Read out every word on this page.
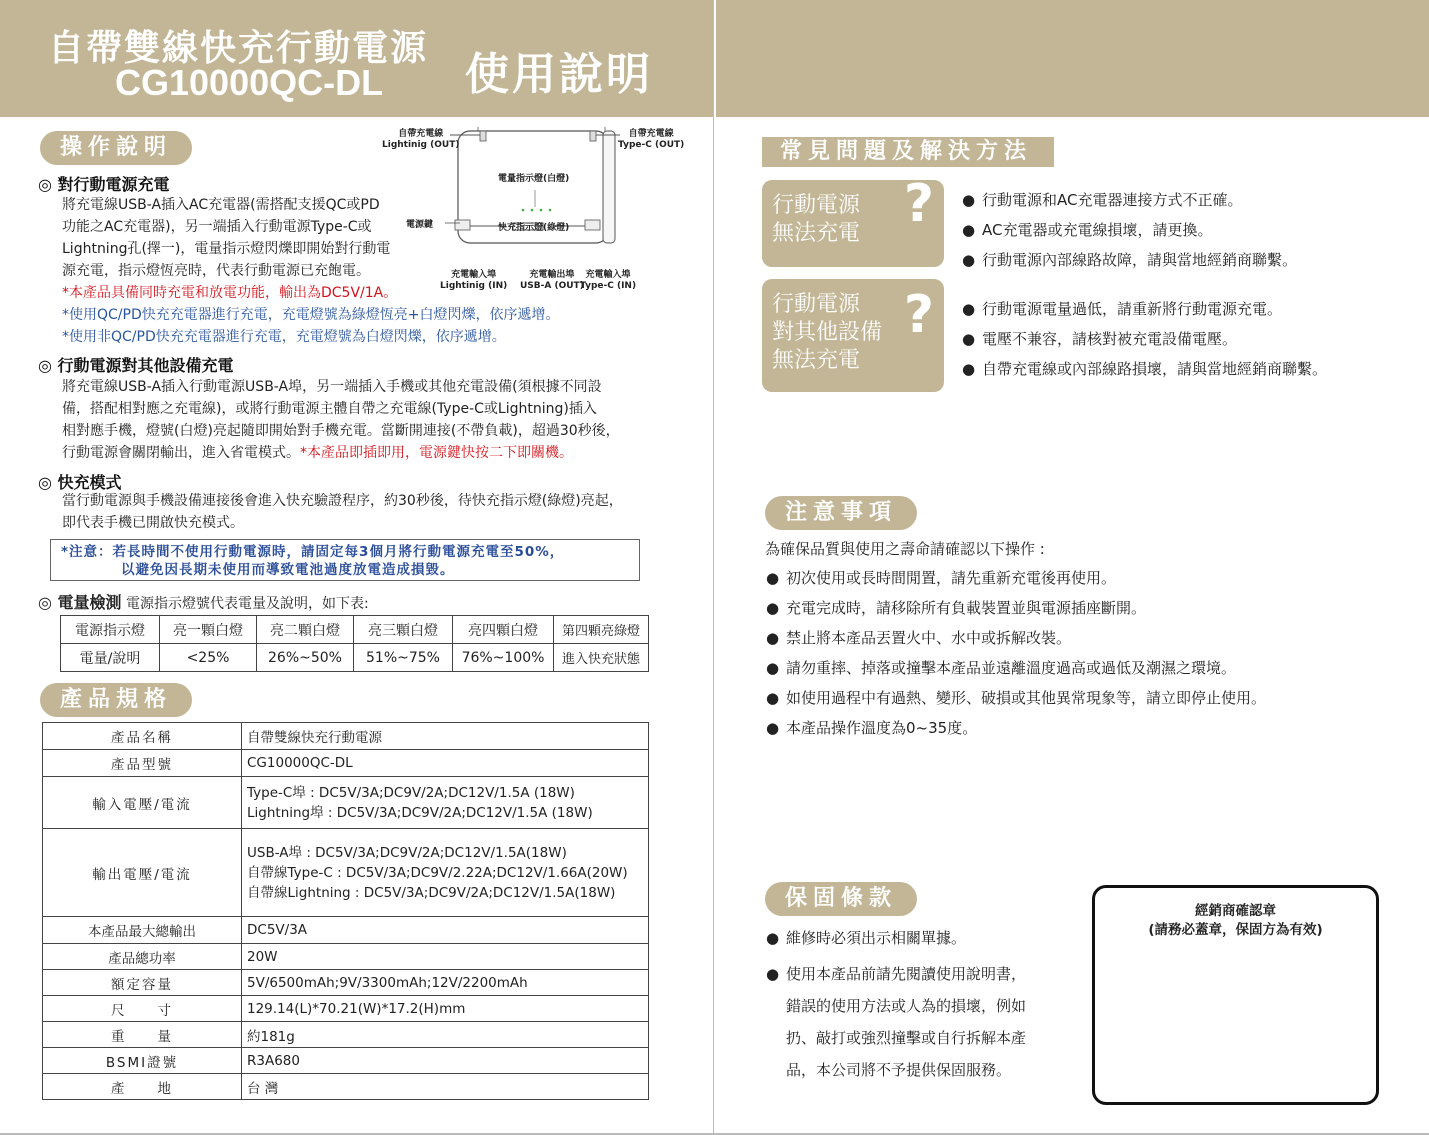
自帶雙線快充行動電源
CG10000QC-DL 使用說明
操作說明
◎ 對行動電源充電
將充電線USB-A插入AC充電器(需搭配支援QC或PD
功能之AC充電器)，另一端插入行動電源Type-C或
Lightning孔(擇一)，電量指示燈閃爍即開始對行動電
源充電，指示燈恆亮時，代表行動電源已充飽電。
*本產品具備同時充電和放電功能，輸出為DC5V/1A。
*使用QC/PD快充充電器進行充電，充電燈號為綠燈恆亮+白燈閃爍，依序遞增。
*使用非QC/PD快充充電器進行充電，充電燈號為白燈閃爍，依序遞增。
◎ 行動電源對其他設備充電
將充電線USB-A插入行動電源USB-A埠，另一端插入手機或其他充電設備(須根據不同設
備，搭配相對應之充電線)，或將行動電源主體自帶之充電線(Type-C或Lightning)插入
相對應手機，燈號(白燈)亮起隨即開始對手機充電。當斷開連接(不帶負載)，超過30秒後，
行動電源會關閉輸出，進入省電模式。*本產品即插即用，電源鍵快按二下即關機。
◎ 快充模式
當行動電源與手機設備連接後會進入快充驗證程序，約30秒後，待快充指示燈(綠燈)亮起，
即代表手機已開啟快充模式。
*注意：若長時間不使用行動電源時，請固定每3個月將行動電源充電至50%，
以避免因長期未使用而導致電池過度放電造成損毀。
◎ 電量檢測 電源指示燈號代表電量及說明，如下表:
電源指示燈	亮一顆白燈	亮二顆白燈	亮三顆白燈	亮四顆白燈	第四顆亮綠燈
電量/說明	<25%	26%~50%	51%~75%	76%~100%	進入快充狀態
自帶充電線
Lightinig (OUT)
自帶充電線
Type-C (OUT)
電量指示燈(白燈)
快充指示燈(綠燈)
電源鍵
充電輸入埠
Lightinig (IN)
充電輸出埠
USB-A (OUT)
充電輸入埠
Type-C (IN)
產品規格
產品名稱	自帶雙線快充行動電源
產品型號	CG10000QC-DL
輸入電壓/電流	Type-C埠 : DC5V/3A;DC9V/2A;DC12V/1.5A (18W)
Lightning埠 : DC5V/3A;DC9V/2A;DC12V/1.5A (18W)

輸出電壓/電流	USB-A埠 : DC5V/3A;DC9V/2A;DC12V/1.5A(18W)
自帶線Type-C : DC5V/3A;DC9V/2.22A;DC12V/1.66A(20W)
自帶線Lightning : DC5V/3A;DC9V/2A;DC12V/1.5A(18W)

本產品最大總輸出	DC5V/3A
產品總功率	20W
額定容量	5V/6500mAh;9V/3300mAh;12V/2200mAh
尺　　寸	129.14(L)*70.21(W)*17.2(H)mm
重　　量	約181g
BSMI證號	R3A680
產　　地	台 灣
常見問題及解決方法
行動電源
無法充電 ?	● 行動電源和AC充電器連接方式不正確。
● AC充電器或充電線損壞，請更換。
● 行動電源內部線路故障，請與當地經銷商聯繫。
行動電源
對其他設備
無法充電
?	● 行動電源電量過低，請重新將行動電源充電。
● 電壓不兼容，請核對被充電設備電壓。
● 自帶充電線或內部線路損壞，請與當地經銷商聯繫。
注意事項
為確保品質與使用之壽命請確認以下操作 :
● 初次使用或長時間閒置，請先重新充電後再使用。
● 充電完成時，請移除所有負載裝置並與電源插座斷開。
● 禁止將本產品丟置火中、水中或拆解改裝。
● 請勿重摔、掉落或撞擊本產品並遠離溫度過高或過低及潮濕之環境。
● 如使用過程中有過熱、變形、破損或其他異常現象等，請立即停止使用。
● 本產品操作溫度為0~35度。
保固條款
● 維修時必須出示相關單據。
● 使用本產品前請先閱讀使用說明書，
錯誤的使用方法或人為的損壞，例如
扔、敲打或強烈撞擊或自行拆解本產
品，本公司將不予提供保固服務。
經銷商確認章
(請務必蓋章，保固方為有效)
